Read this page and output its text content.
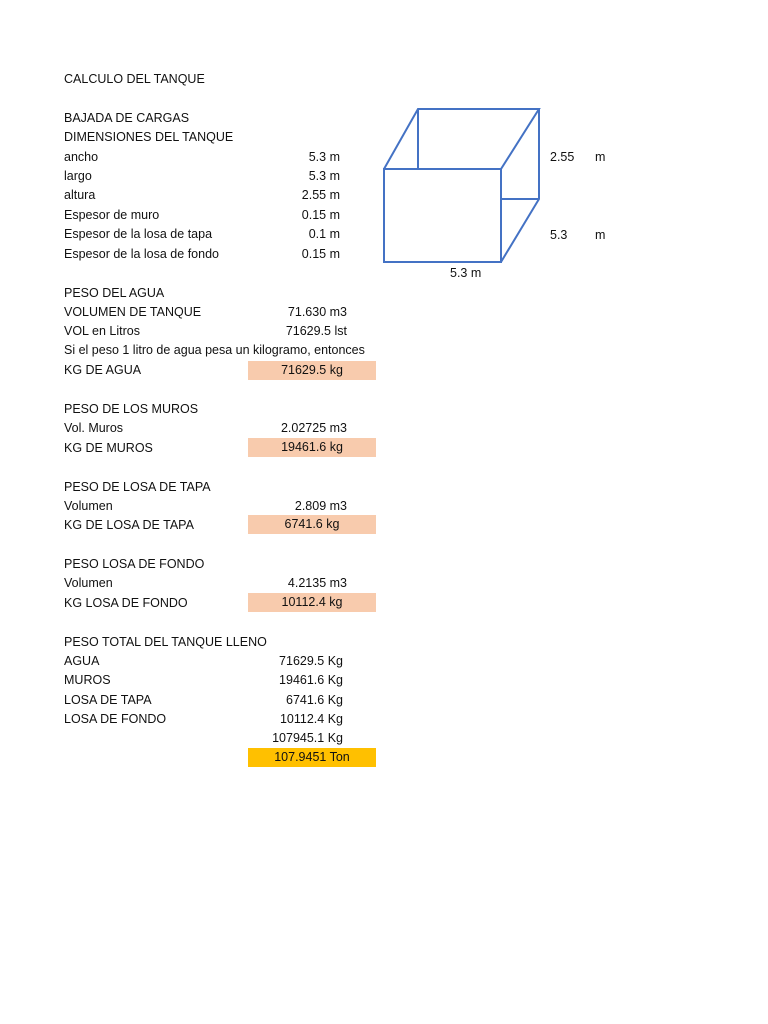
CALCULO DEL TANQUE
BAJADA DE CARGAS
DIMENSIONES DEL TANQUE
ancho	5.3 m
largo	5.3 m
altura	2.55 m
Espesor de muro	0.15 m
Espesor de la losa de tapa	0.1 m
Espesor de la losa de fondo	0.15 m
2.55 m
5.3 m
5.3 m
PESO DEL AGUA
VOLUMEN DE TANQUE	71.630 m3
VOL en Litros	71629.5 lst
Si el peso 1 litro de agua pesa un kilogramo, entonces
KG DE AGUA	71629.5 kg
PESO DE LOS MUROS
Vol. Muros	2.02725 m3
KG DE MUROS	19461.6 kg
PESO DE LOSA DE TAPA
Volumen	2.809 m3
KG DE LOSA DE TAPA	6741.6 kg
PESO LOSA DE FONDO
Volumen	4.2135 m3
KG LOSA DE FONDO	10112.4 kg
PESO TOTAL DEL TANQUE LLENO
AGUA	71629.5 Kg
MUROS	19461.6 Kg
LOSA DE TAPA	6741.6 Kg
LOSA DE FONDO	10112.4 Kg
107945.1 Kg
107.9451 Ton
